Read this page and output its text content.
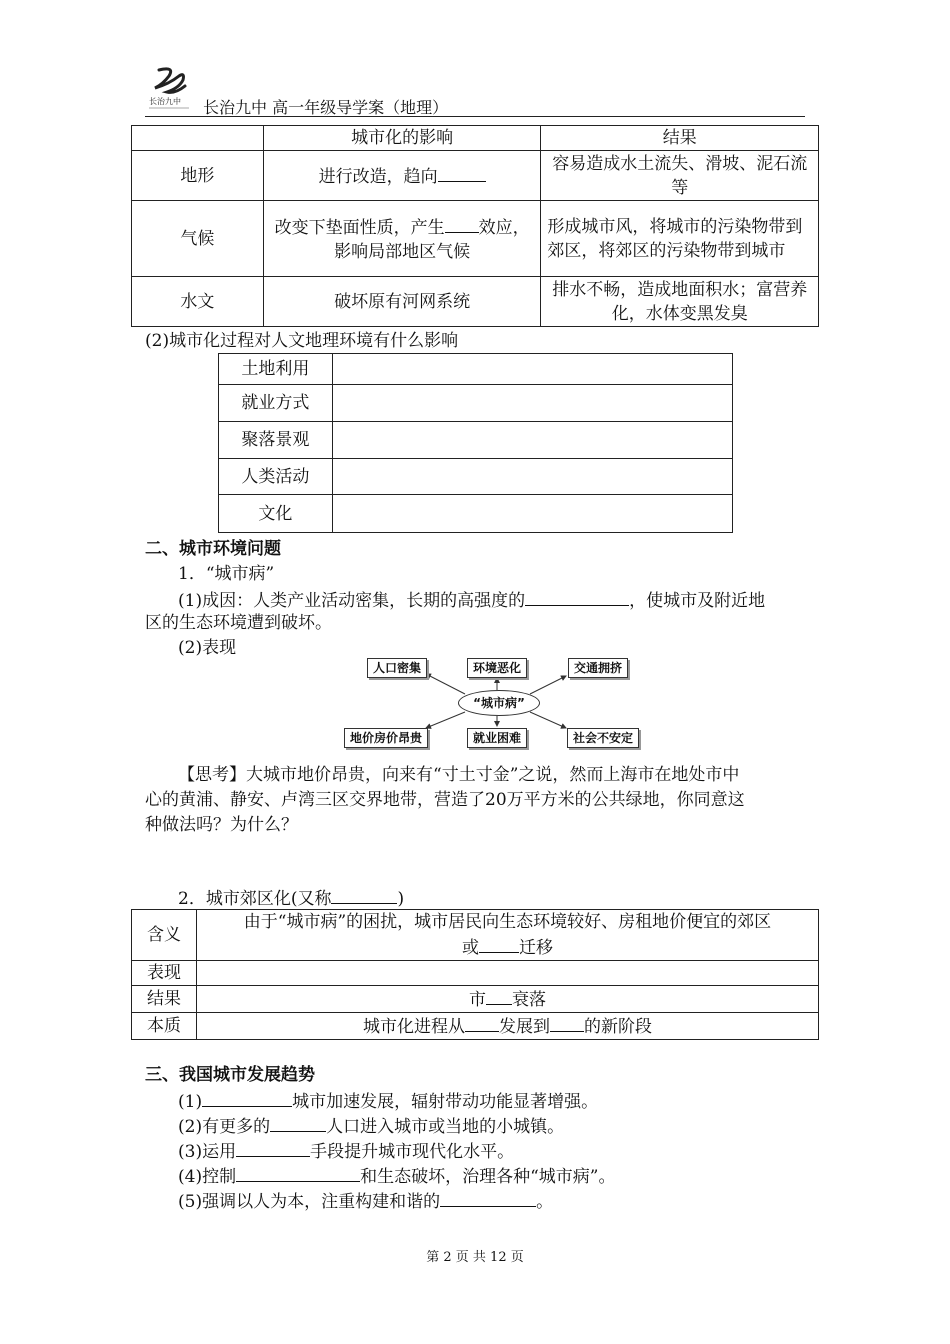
长治九中 长治九中 高一年级导学案（地理）
	城市化的影响	结果
地形	进行改造，趋向	容易造成水土流失、滑坡、泥石流等
气候	改变下垫面性质，产生 效应，影响局部地区气候	形成城市风，将城市的污染物带到郊区，将郊区的污染物带到城市
水文	破坏原有河网系统	排水不畅，造成地面积水；富营养化，水体变黑发臭
(2)城市化过程对人文地理环境有什么影响
土地利用	
就业方式	
聚落景观	
人类活动	
文化	
二、城市环境问题
1．“城市病”
(1)成因：人类产业活动密集，长期的高强度的	，使城市及附近地
区的生态环境遭到破坏。
(2)表现
人口密集	环境恶化	交通拥挤
“城市病”
地价房价昂贵	就业困难	社会不安定
【思考】大城市地价昂贵，向来有“寸土寸金”之说，然而上海市在地处市中
心的黄浦、静安、卢湾三区交界地带，营造了20万平方米的公共绿地，你同意这
种做法吗？为什么？
2．城市郊区化(又称	)
含义	由于“城市病”的困扰，城市居民向生态环境较好、房租地价便宜的郊区
或 迁移

表现	
结果	市 衰落
本质	城市化进程从 发展到 的新阶段
三、我国城市发展趋势
(1)	城市加速发展，辐射带动功能显著增强。
(2)有更多的	人口进入城市或当地的小城镇。
(3)运用	手段提升城市现代化水平。
(4)控制	和生态破坏，治理各种“城市病”。
(5)强调以人为本，注重构建和谐的	。
第 2 页 共 12 页
